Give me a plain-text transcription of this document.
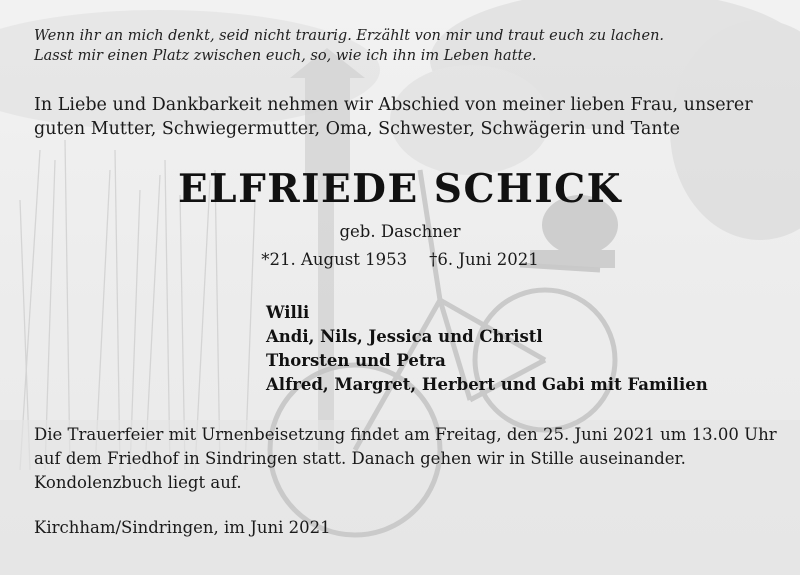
Wenn ihr an mich denkt, seid nicht traurig. Erzählt von mir und traut euch zu lachen.
Lasst mir einen Platz zwischen euch, so, wie ich ihn im Leben hatte.
In Liebe und Dankbarkeit nehmen wir Abschied von meiner lieben Frau, unserer
guten Mutter, Schwiegermutter, Oma, Schwester, Schwägerin und Tante
ELFRIEDE SCHICK
geb. Daschner
*21. August 1953 †6. Juni 2021
Willi
Andi, Nils, Jessica und Christl
Thorsten und Petra
Alfred, Margret, Herbert und Gabi mit Familien
Die Trauerfeier mit Urnenbeisetzung findet am Freitag, den 25. Juni 2021 um 13.00 Uhr
auf dem Friedhof in Sindringen statt. Danach gehen wir in Stille auseinander.
Kondolenzbuch liegt auf.
Kirchham/Sindringen, im Juni 2021
